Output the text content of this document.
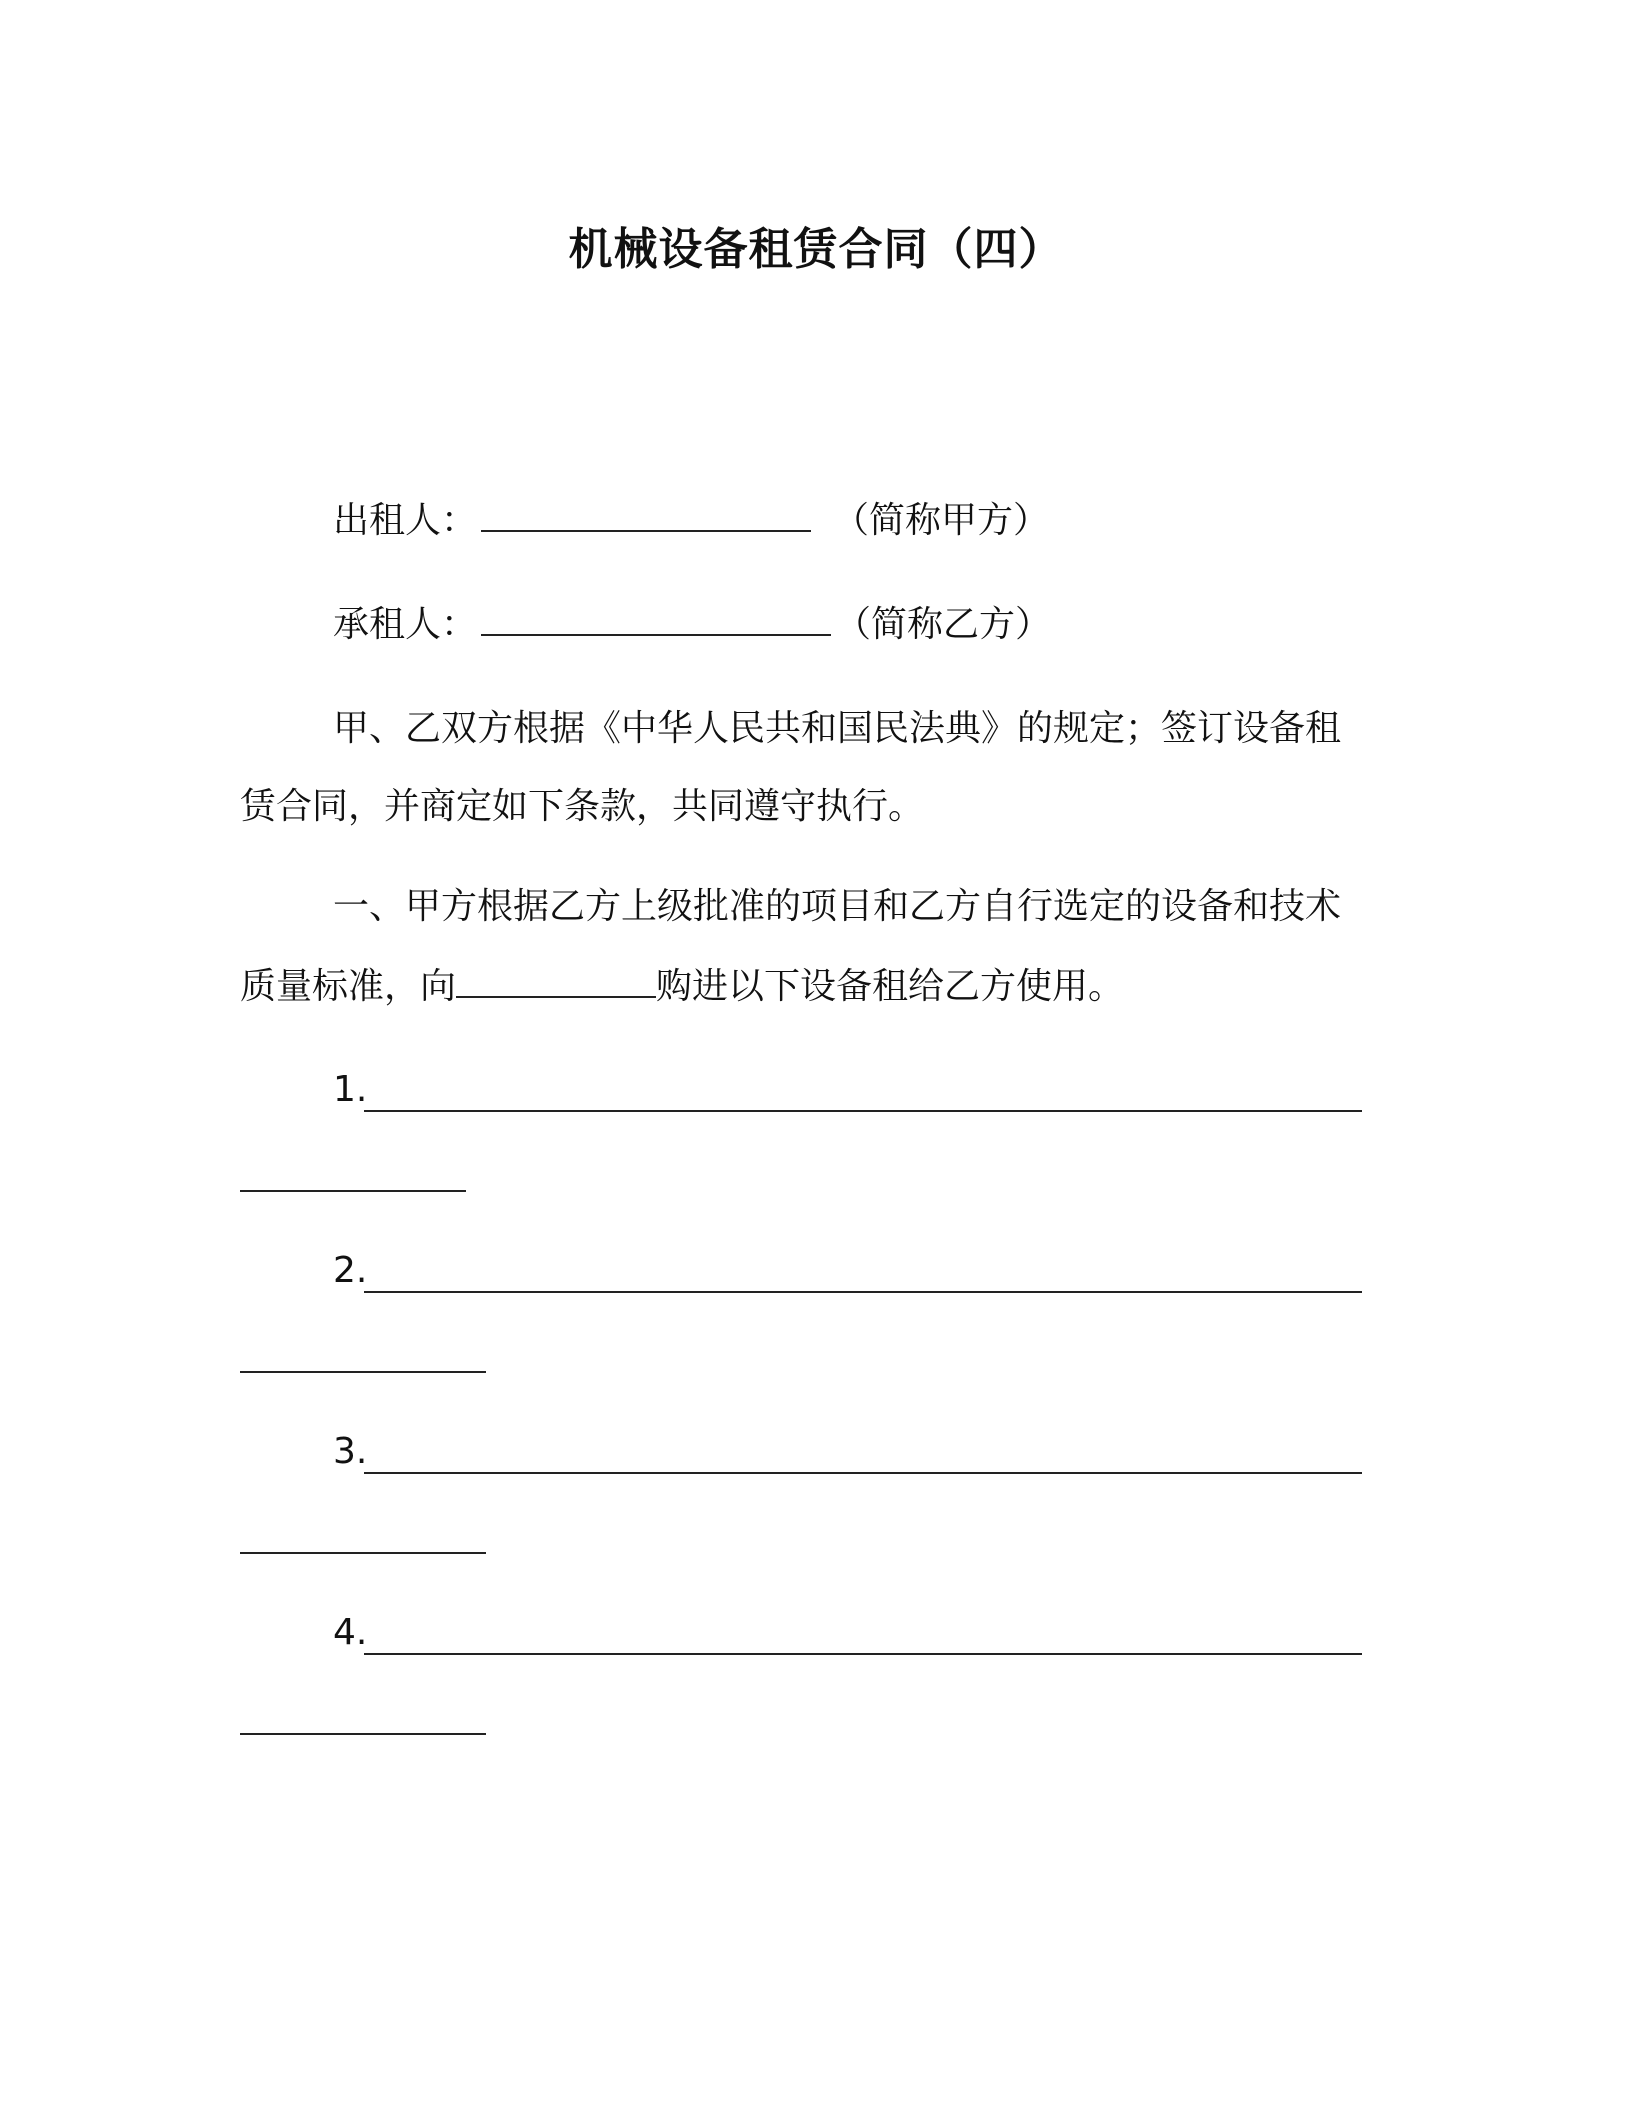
机械设备租赁合同（四）
出租人：	（简称甲方）
承租人：	（简称乙方）
甲、乙双方根据《中华人民共和国民法典》的规定；签订设备租
赁合同，并商定如下条款，共同遵守执行。
一、甲方根据乙方上级批准的项目和乙方自行选定的设备和技术
质量标准，向	购进以下设备租给乙方使用。
1.
2.
3.
4.
